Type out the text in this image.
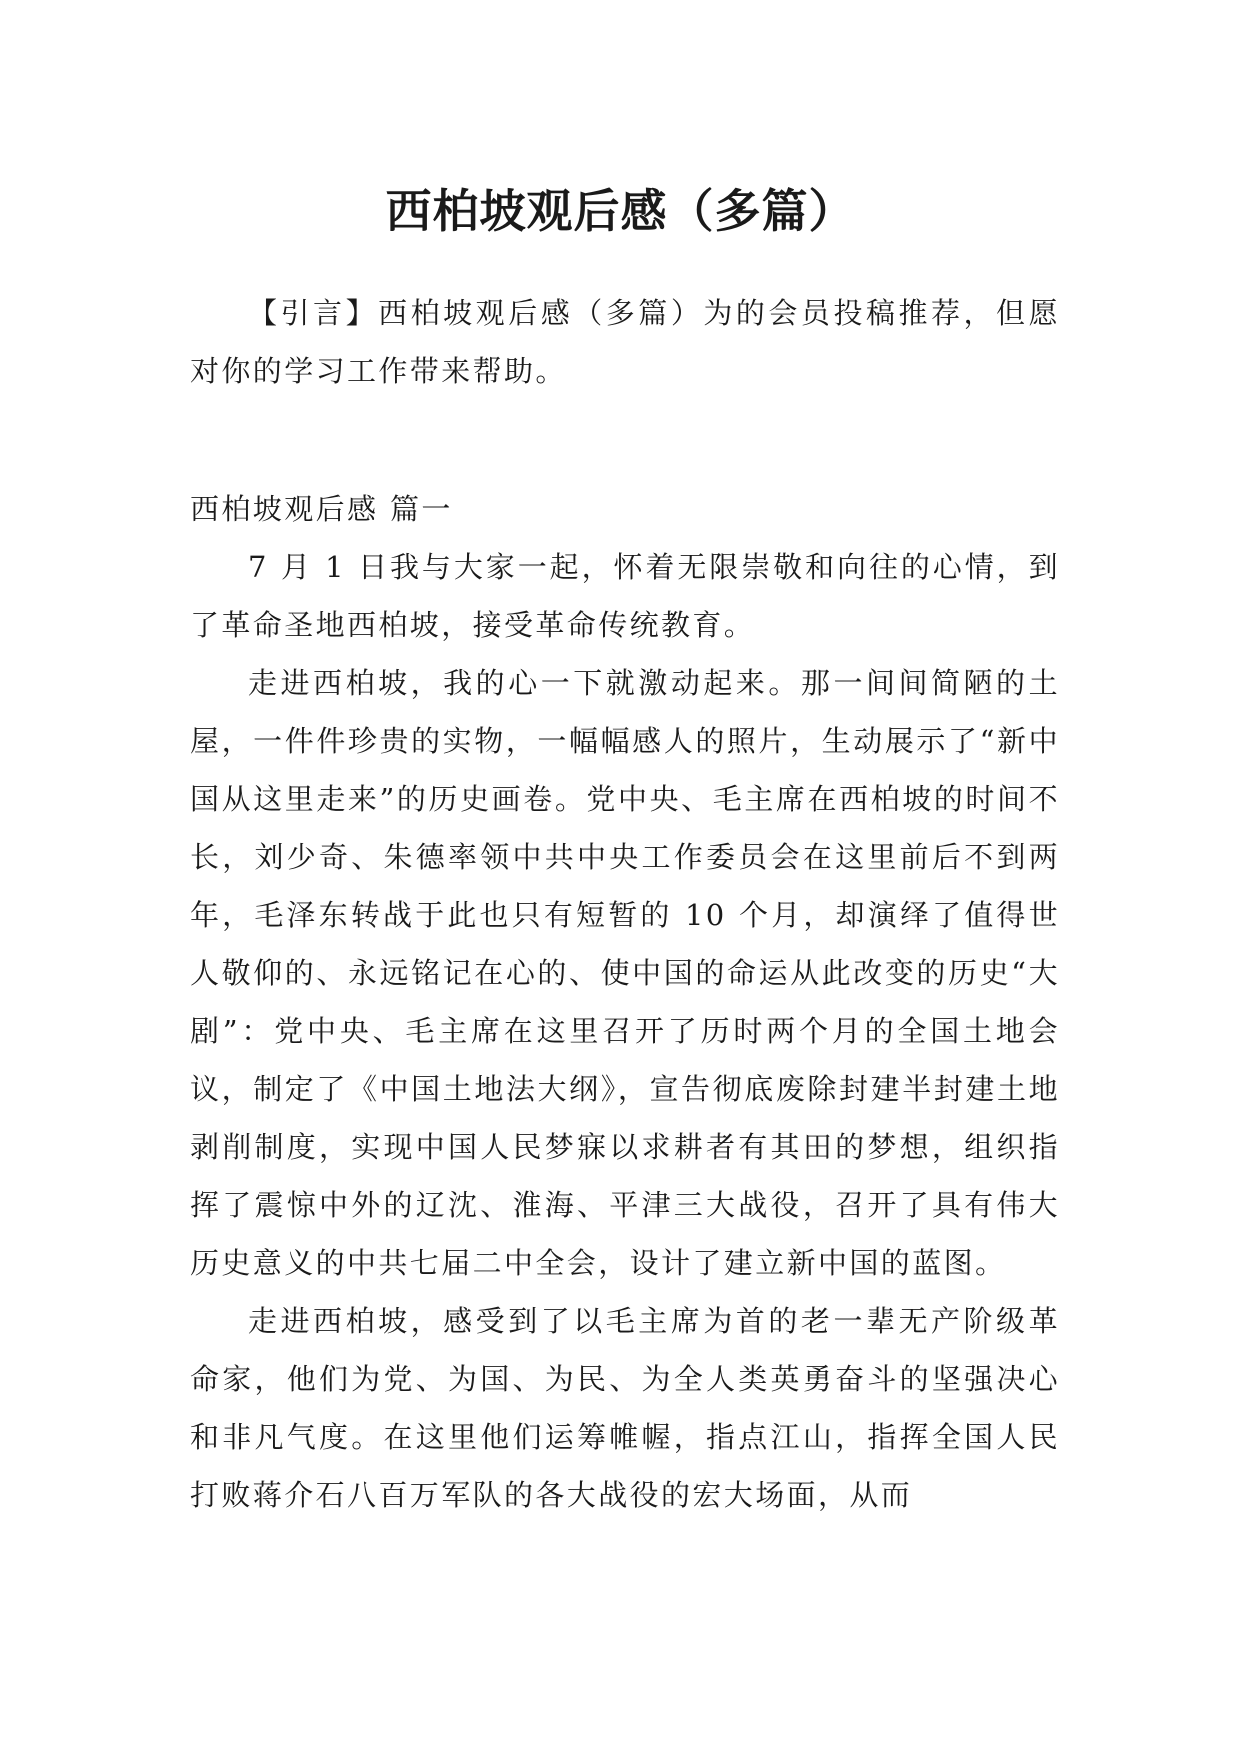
西柏坡观后感（多篇）

【引言】西柏坡观后感（多篇）为的会员投稿推荐，但愿对你的学习工作带来帮助。

西柏坡观后感 篇一

7 月 1 日我与大家一起，怀着无限崇敬和向往的心情，到了革命圣地西柏坡，接受革命传统教育。

走进西柏坡，我的心一下就激动起来。那一间间简陋的土屋，一件件珍贵的实物，一幅幅感人的照片，生动展示了“新中国从这里走来”的历史画卷。党中央、毛主席在西柏坡的时间不长，刘少奇、朱德率领中共中央工作委员会在这里前后不到两年，毛泽东转战于此也只有短暂的 10 个月，却演绎了值得世人敬仰的、永远铭记在心的、使中国的命运从此改变的历史“大剧”：党中央、毛主席在这里召开了历时两个月的全国土地会议，制定了《中国土地法大纲》，宣告彻底废除封建半封建土地剥削制度，实现中国人民梦寐以求耕者有其田的梦想，组织指挥了震惊中外的辽沈、淮海、平津三大战役，召开了具有伟大历史意义的中共七届二中全会，设计了建立新中国的蓝图。

走进西柏坡，感受到了以毛主席为首的老一辈无产阶级革命家，他们为党、为国、为民、为全人类英勇奋斗的坚强决心和非凡气度。在这里他们运筹帷幄，指点江山，指挥全国人民打败蒋介石八百万军队的各大战役的宏大场面，从而
